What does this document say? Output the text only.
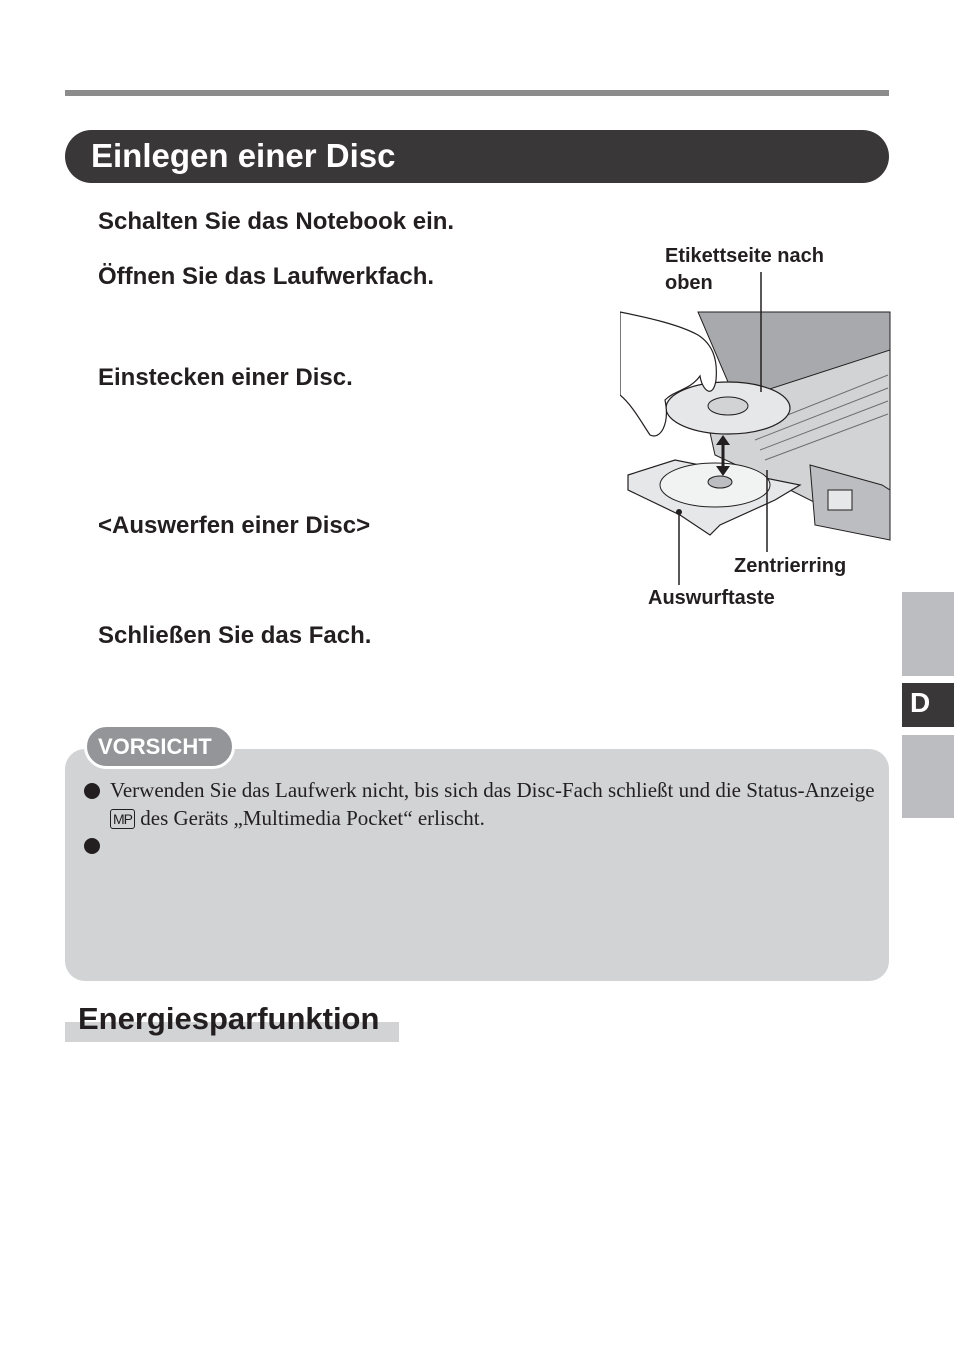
Einlegen einer Disc

Schalten Sie das Notebook ein.

Öffnen Sie das Laufwerkfach.

Einstecken einer Disc.

<Auswerfen einer Disc>

Schließen Sie das Fach.

Etikettseite nach
oben
Zentrierring
Auswurftaste
D
VORSICHT
Verwenden Sie das Laufwerk nicht, bis sich das Disc-Fach schließt und die Status-Anzeige MP des Geräts „Multimedia Pocket“ erlischt.
Energiesparfunktion
